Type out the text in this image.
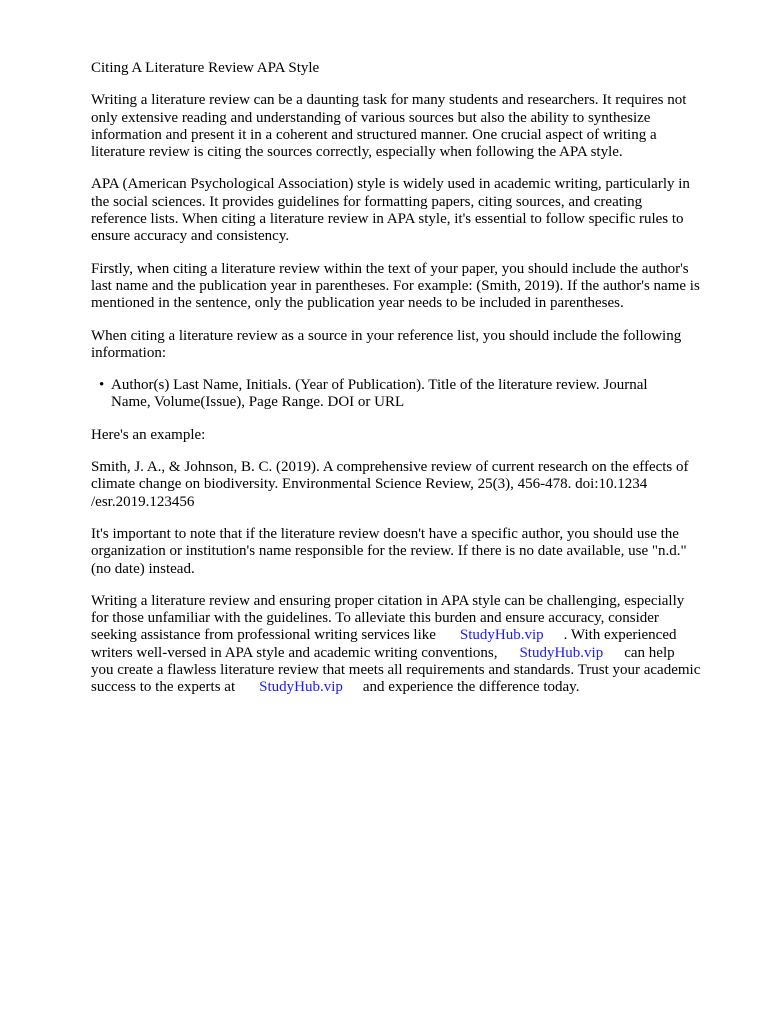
Citing A Literature Review APA Style
Writing a literature review can be a daunting task for many students and researchers. It requires not
only extensive reading and understanding of various sources but also the ability to synthesize
information and present it in a coherent and structured manner. One crucial aspect of writing a
literature review is citing the sources correctly, especially when following the APA style.
APA (American Psychological Association) style is widely used in academic writing, particularly in
the social sciences. It provides guidelines for formatting papers, citing sources, and creating
reference lists. When citing a literature review in APA style, it's essential to follow specific rules to
ensure accuracy and consistency.
Firstly, when citing a literature review within the text of your paper, you should include the author's
last name and the publication year in parentheses. For example: (Smith, 2019). If the author's name is
mentioned in the sentence, only the publication year needs to be included in parentheses.
When citing a literature review as a source in your reference list, you should include the following
information:
• Author(s) Last Name, Initials. (Year of Publication). Title of the literature review. Journal
Name, Volume(Issue), Page Range. DOI or URL
Here's an example:
Smith, J. A., & Johnson, B. C. (2019). A comprehensive review of current research on the effects of
climate change on biodiversity. Environmental Science Review, 25(3), 456-478. doi:10.1234
/esr.2019.123456
It's important to note that if the literature review doesn't have a specific author, you should use the
organization or institution's name responsible for the review. If there is no date available, use "n.d."
(no date) instead.
Writing a literature review and ensuring proper citation in APA style can be challenging, especially
for those unfamiliar with the guidelines. To alleviate this burden and ensure accuracy, consider
seeking assistance from professional writing services like StudyHub.vip . With experienced
writers well-versed in APA style and academic writing conventions, StudyHub.vip can help
you create a flawless literature review that meets all requirements and standards. Trust your academic
success to the experts at StudyHub.vip and experience the difference today.
